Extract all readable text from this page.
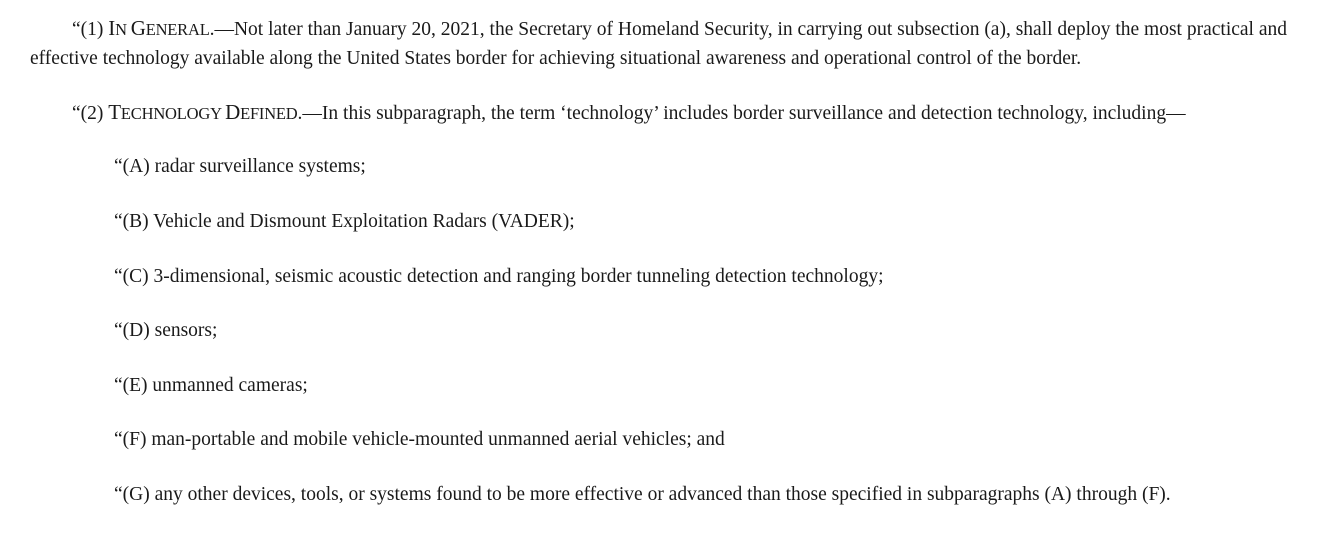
“(1) IN GENERAL.—Not later than January 20, 2021, the Secretary of Homeland Security, in carrying out subsection (a), shall deploy the most practical and effective technology available along the United States border for achieving situational awareness and operational control of the border.

“(2) TECHNOLOGY DEFINED.—In this subparagraph, the term ‘technology’ includes border surveillance and detection technology, including—

“(A) radar surveillance systems;

“(B) Vehicle and Dismount Exploitation Radars (VADER);

“(C) 3-dimensional, seismic acoustic detection and ranging border tunneling detection technology;

“(D) sensors;

“(E) unmanned cameras;

“(F) man-portable and mobile vehicle-mounted unmanned aerial vehicles; and

“(G) any other devices, tools, or systems found to be more effective or advanced than those specified in subparagraphs (A) through (F).
